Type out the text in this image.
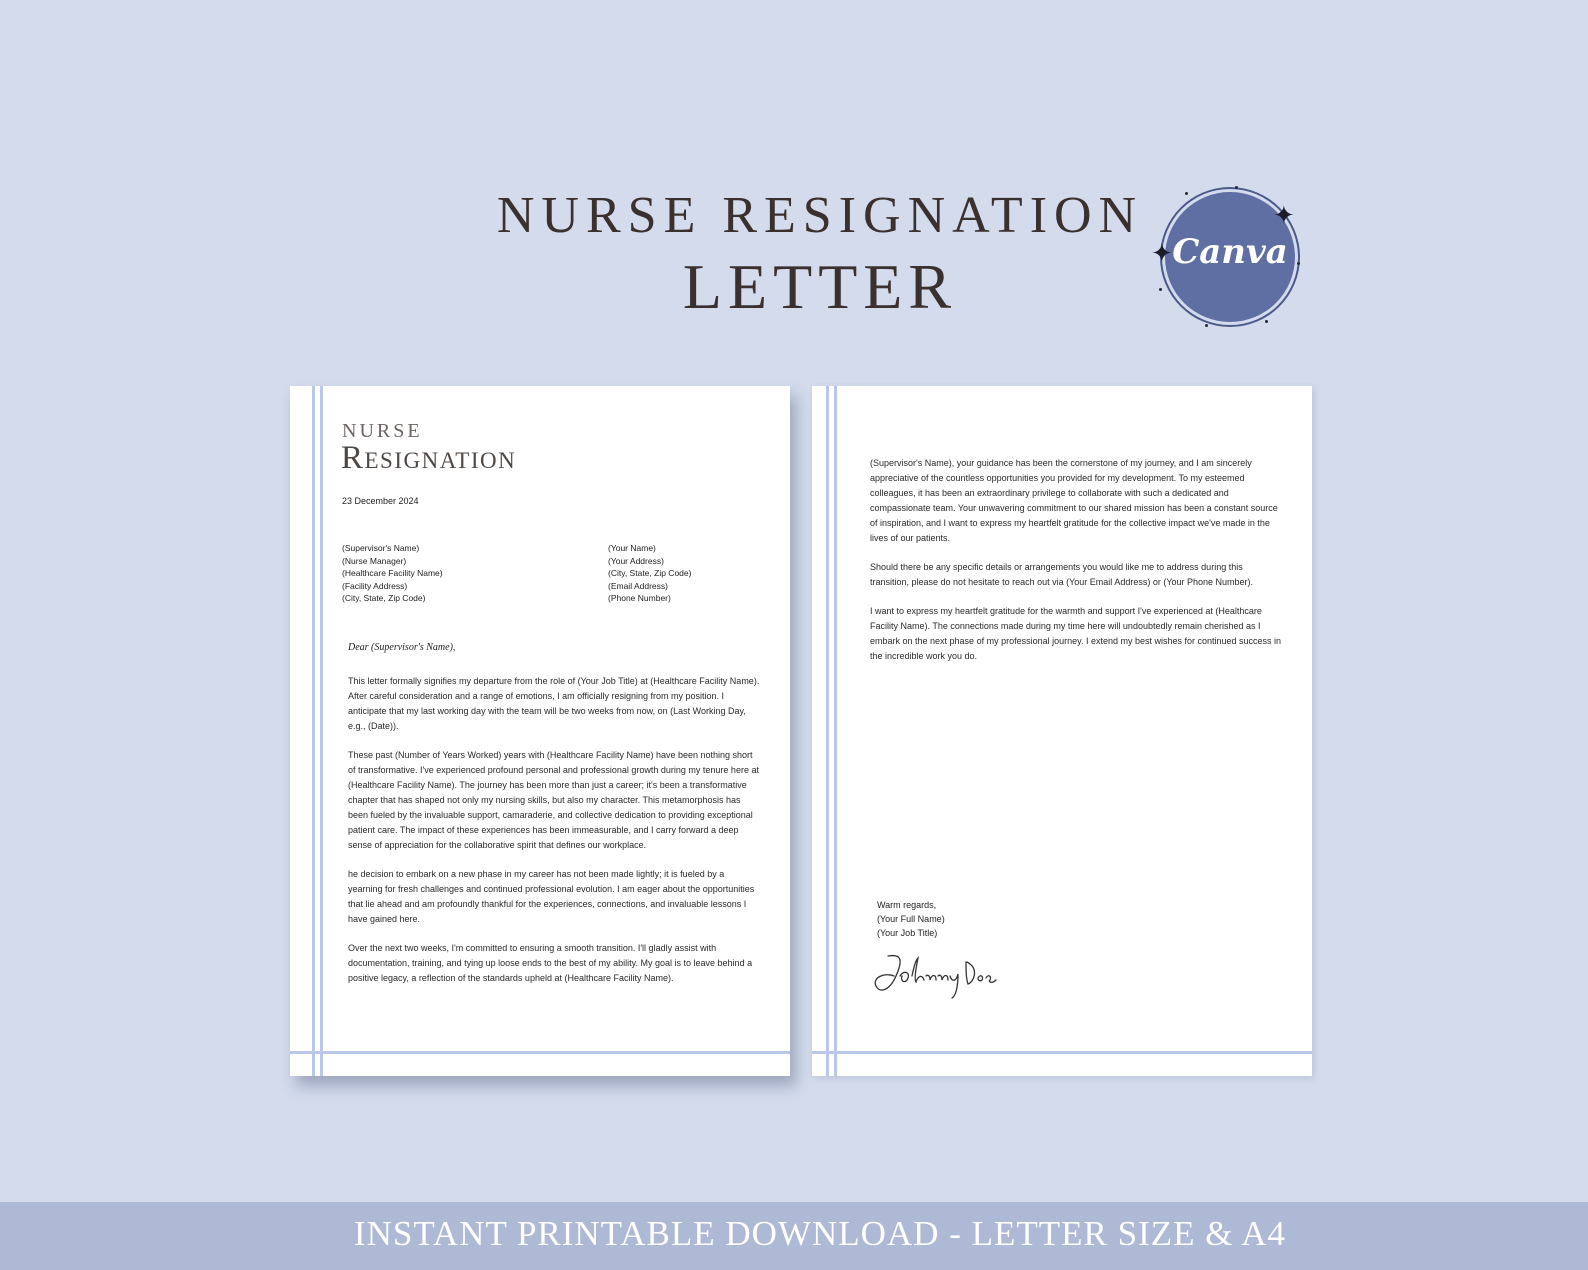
NURSE RESIGNATION
LETTER	Canva
✦
✦
NURSE
Resignation
23 December 2024
(Supervisor's Name)
(Nurse Manager)
(Healthcare Facility Name)
(Facility Address)
(City, State, Zip Code)
(Your Name)
(Your Address)
(City, State, Zip Code)
(Email Address)
(Phone Number)
Dear (Supervisor's Name),

This letter formally signifies my departure from the role of (Your Job Title) at (Healthcare Facility Name). After careful consideration and a range of emotions, I am officially resigning from my position. I anticipate that my last working day with the team will be two weeks from now, on (Last Working Day, e.g., (Date)).

These past (Number of Years Worked) years with (Healthcare Facility Name) have been nothing short of transformative. I've experienced profound personal and professional growth during my tenure here at (Healthcare Facility Name). The journey has been more than just a career; it's been a transformative chapter that has shaped not only my nursing skills, but also my character. This metamorphosis has been fueled by the invaluable support, camaraderie, and collective dedication to providing exceptional patient care. The impact of these experiences has been immeasurable, and I carry forward a deep sense of appreciation for the collaborative spirit that defines our workplace.

he decision to embark on a new phase in my career has not been made lightly; it is fueled by a yearning for fresh challenges and continued professional evolution. I am eager about the opportunities that lie ahead and am profoundly thankful for the experiences, connections, and invaluable lessons I have gained here.

Over the next two weeks, I'm committed to ensuring a smooth transition. I'll gladly assist with documentation, training, and tying up loose ends to the best of my ability. My goal is to leave behind a positive legacy, a reflection of the standards upheld at (Healthcare Facility Name).

(Supervisor's Name), your guidance has been the cornerstone of my journey, and I am sincerely appreciative of the countless opportunities you provided for my development. To my esteemed colleagues, it has been an extraordinary privilege to collaborate with such a dedicated and compassionate team. Your unwavering commitment to our shared mission has been a constant source of inspiration, and I want to express my heartfelt gratitude for the collective impact we've made in the lives of our patients.

Should there be any specific details or arrangements you would like me to address during this transition, please do not hesitate to reach out via (Your Email Address) or (Your Phone Number).

I want to express my heartfelt gratitude for the warmth and support I've experienced at (Healthcare Facility Name). The connections made during my time here will undoubtedly remain cherished as I embark on the next phase of my professional journey. I extend my best wishes for continued success in the incredible work you do.

Warm regards,
(Your Full Name)
(Your Job Title)
INSTANT PRINTABLE DOWNLOAD - LETTER SIZE & A4
